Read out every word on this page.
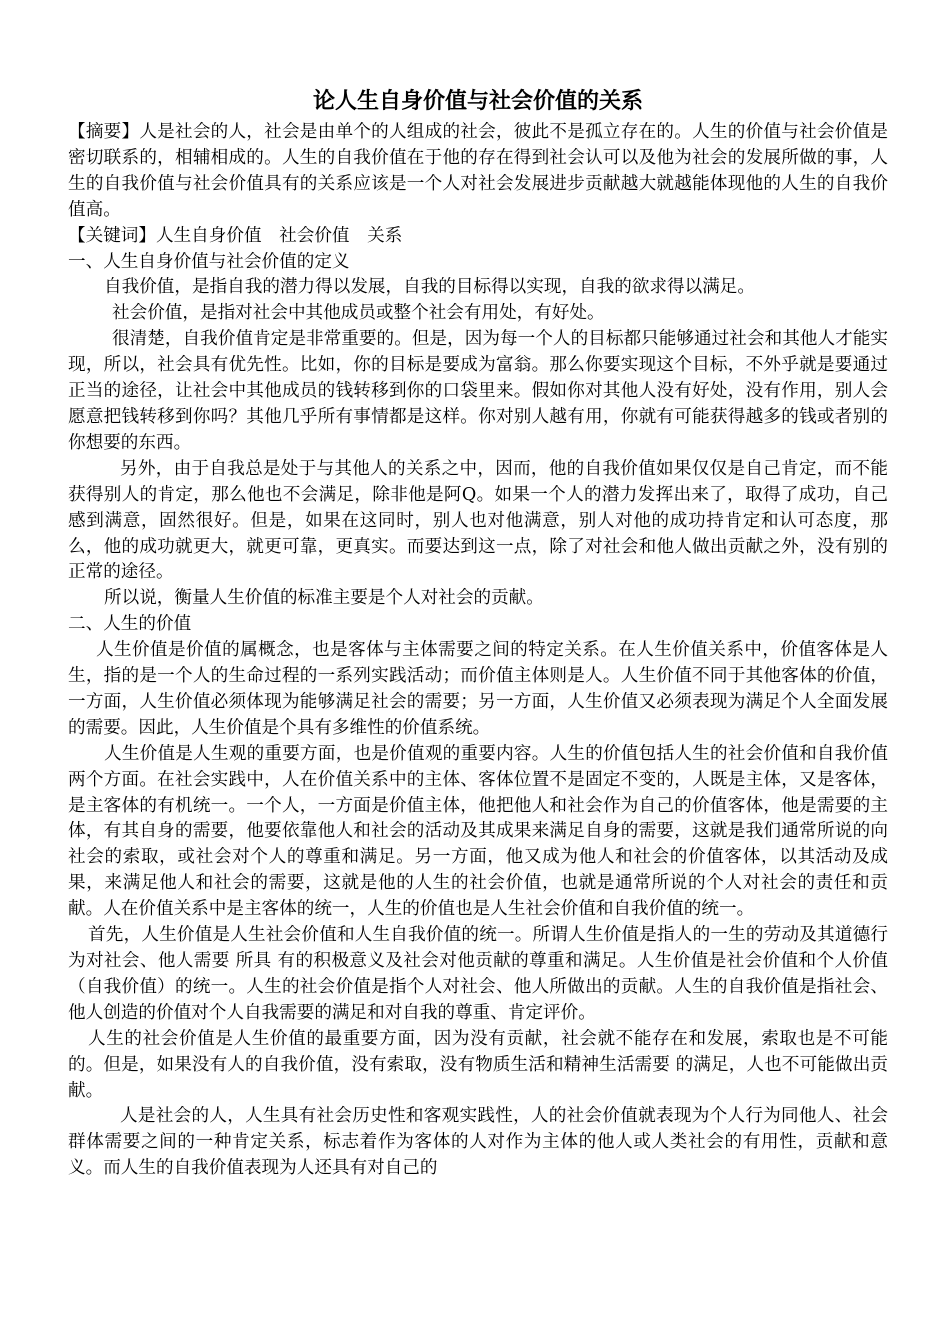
论人生自身价值与社会价值的关系

【摘要】人是社会的人，社会是由单个的人组成的社会，彼此不是孤立存在的。人生的价值与社会价值是密切联系的，相辅相成的。人生的自我价值在于他的存在得到社会认可以及他为社会的发展所做的事，人生的自我价值与社会价值具有的关系应该是一个人对社会发展进步贡献越大就越能体现他的人生的自我价值高。

【关键词】人生自身价值　社会价值　关系

一、人生自身价值与社会价值的定义

自我价值，是指自我的潜力得以发展，自我的目标得以实现，自我的欲求得以满足。

社会价值，是指对社会中其他成员或整个社会有用处，有好处。

很清楚，自我价值肯定是非常重要的。但是，因为每一个人的目标都只能够通过社会和其他人才能实现，所以，社会具有优先性。比如，你的目标是要成为富翁。那么你要实现这个目标，不外乎就是要通过正当的途径，让社会中其他成员的钱转移到你的口袋里来。假如你对其他人没有好处，没有作用，别人会愿意把钱转移到你吗？其他几乎所有事情都是这样。你对别人越有用，你就有可能获得越多的钱或者别的你想要的东西。

另外，由于自我总是处于与其他人的关系之中，因而，他的自我价值如果仅仅是自己肯定，而不能获得别人的肯定，那么他也不会满足，除非他是阿Q。如果一个人的潜力发挥出来了，取得了成功，自己感到满意，固然很好。但是，如果在这同时，别人也对他满意，别人对他的成功持肯定和认可态度，那么，他的成功就更大，就更可靠，更真实。而要达到这一点，除了对社会和他人做出贡献之外，没有别的正常的途径。

所以说，衡量人生价值的标准主要是个人对社会的贡献。

二、人生的价值

人生价值是价值的属概念，也是客体与主体需要之间的特定关系。在人生价值关系中，价值客体是人生，指的是一个人的生命过程的一系列实践活动；而价值主体则是人。人生价值不同于其他客体的价值，一方面，人生价值必须体现为能够满足社会的需要；另一方面，人生价值又必须表现为满足个人全面发展的需要。因此，人生价值是个具有多维性的价值系统。

人生价值是人生观的重要方面，也是价值观的重要内容。人生的价值包括人生的社会价值和自我价值两个方面。在社会实践中，人在价值关系中的主体、客体位置不是固定不变的，人既是主体，又是客体，是主客体的有机统一。一个人，一方面是价值主体，他把他人和社会作为自己的价值客体，他是需要的主体，有其自身的需要，他要依靠他人和社会的活动及其成果来满足自身的需要，这就是我们通常所说的向社会的索取，或社会对个人的尊重和满足。另一方面，他又成为他人和社会的价值客体，以其活动及成果，来满足他人和社会的需要，这就是他的人生的社会价值，也就是通常所说的个人对社会的责任和贡献。人在价值关系中是主客体的统一，人生的价值也是人生社会价值和自我价值的统一。

首先，人生价值是人生社会价值和人生自我价值的统一。所谓人生价值是指人的一生的劳动及其道德行为对社会、他人需要 所具 有的积极意义及社会对他贡献的尊重和满足。人生价值是社会价值和个人价值（自我价值）的统一。人生的社会价值是指个人对社会、他人所做出的贡献。人生的自我价值是指社会、他人创造的价值对个人自我需要的满足和对自我的尊重、肯定评价。

人生的社会价值是人生价值的最重要方面，因为没有贡献，社会就不能存在和发展，索取也是不可能的。但是，如果没有人的自我价值，没有索取，没有物质生活和精神生活需要 的满足，人也不可能做出贡献。

人是社会的人，人生具有社会历史性和客观实践性，人的社会价值就表现为个人行为同他人、社会群体需要之间的一种肯定关系，标志着作为客体的人对作为主体的他人或人类社会的有用性，贡献和意义。而人生的自我价值表现为人还具有对自己的
